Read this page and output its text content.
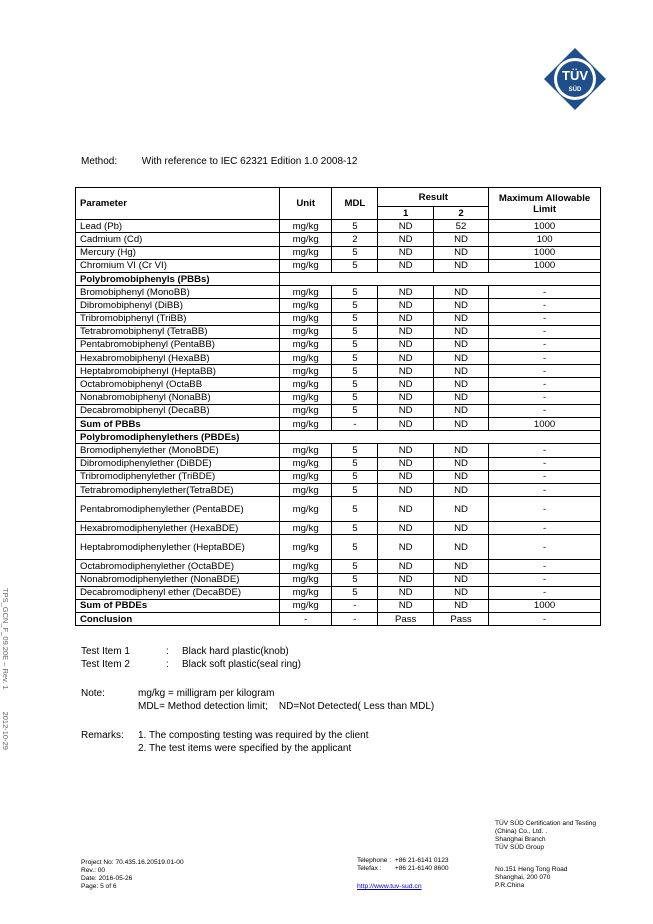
TÜV
SÜD
Method: With reference to IEC 62321 Edition 1.0 2008-12
Parameter	Unit	MDL	Result		Maximum Allowable Limit
			1	2	
Lead (Pb)	mg/kg	5	ND	52	1000
Cadmium (Cd)	mg/kg	2	ND	ND	100
Mercury (Hg)	mg/kg	5	ND	ND	1000
Chromium VI (Cr VI)	mg/kg	5	ND	ND	1000
Polybromobiphenyls (PBBs)					
Bromobiphenyl (MonoBB)	mg/kg	5	ND	ND	-
Dibromobiphenyl (DiBB)	mg/kg	5	ND	ND	-
Tribromobiphenyl (TriBB)	mg/kg	5	ND	ND	-
Tetrabromobiphenyl (TetraBB)	mg/kg	5	ND	ND	-
Pentabromobiphenyl (PentaBB)	mg/kg	5	ND	ND	-
Hexabromobiphenyl (HexaBB)	mg/kg	5	ND	ND	-
Heptabromobiphenyl (HeptaBB)	mg/kg	5	ND	ND	-
Octabromobiphenyl (OctaBB	mg/kg	5	ND	ND	-
Nonabromobiphenyl (NonaBB)	mg/kg	5	ND	ND	-
Decabromobiphenyl (DecaBB)	mg/kg	5	ND	ND	-
Sum of PBBs	mg/kg	-	ND	ND	1000
Polybromodiphenylethers (PBDEs)					
Bromodiphenylether (MonoBDE)	mg/kg	5	ND	ND	-
Dibromodiphenylether (DiBDE)	mg/kg	5	ND	ND	-
Tribromodiphenylether (TriBDE)	mg/kg	5	ND	ND	-
Tetrabromodiphenylether(TetraBDE)	mg/kg	5	ND	ND	-
Pentabromodiphenylether (PentaBDE)	mg/kg	5	ND	ND	-
Hexabromodiphenylether (HexaBDE)	mg/kg	5	ND	ND	-
Heptabromodiphenylether (HeptaBDE)	mg/kg	5	ND	ND	-
Octabromodiphenylether (OctaBDE)	mg/kg	5	ND	ND	-
Nonabromodiphenylether (NonaBDE)	mg/kg	5	ND	ND	-
Decabromodiphenyl ether (DecaBDE)	mg/kg	5	ND	ND	-
Sum of PBDEs	mg/kg	-	ND	ND	1000
Conclusion	-	-	Pass	Pass	-
Test Item 1	: Black hard plastic(knob)
Test Item 2	: Black soft plastic(seal ring)
Note:	mg/kg = milligram per kilogram
MDL= Method detection limit;    ND=Not Detected( Less than MDL)
Remarks: 1. The composting testing was required by the client
2. The test items were specified by the applicant
TPS_GCN_F_09.20E – Rev. 12012-10-29
Project No: 70.435.16.20519.01-00
Rev.: 00
Date: 2016-05-26
Page: 5 of 6
Telephone : +86 21-6141 0123
Telefax : +86 21-6140 8600
http://www.tuv-sud.cn
TÜV SÜD Certification and Testing
(China) Co., Ltd. .
Shanghai Branch
TÜV SÜD Group
No.151 Heng Tong Road
Shanghai, 200 070
P.R.China
